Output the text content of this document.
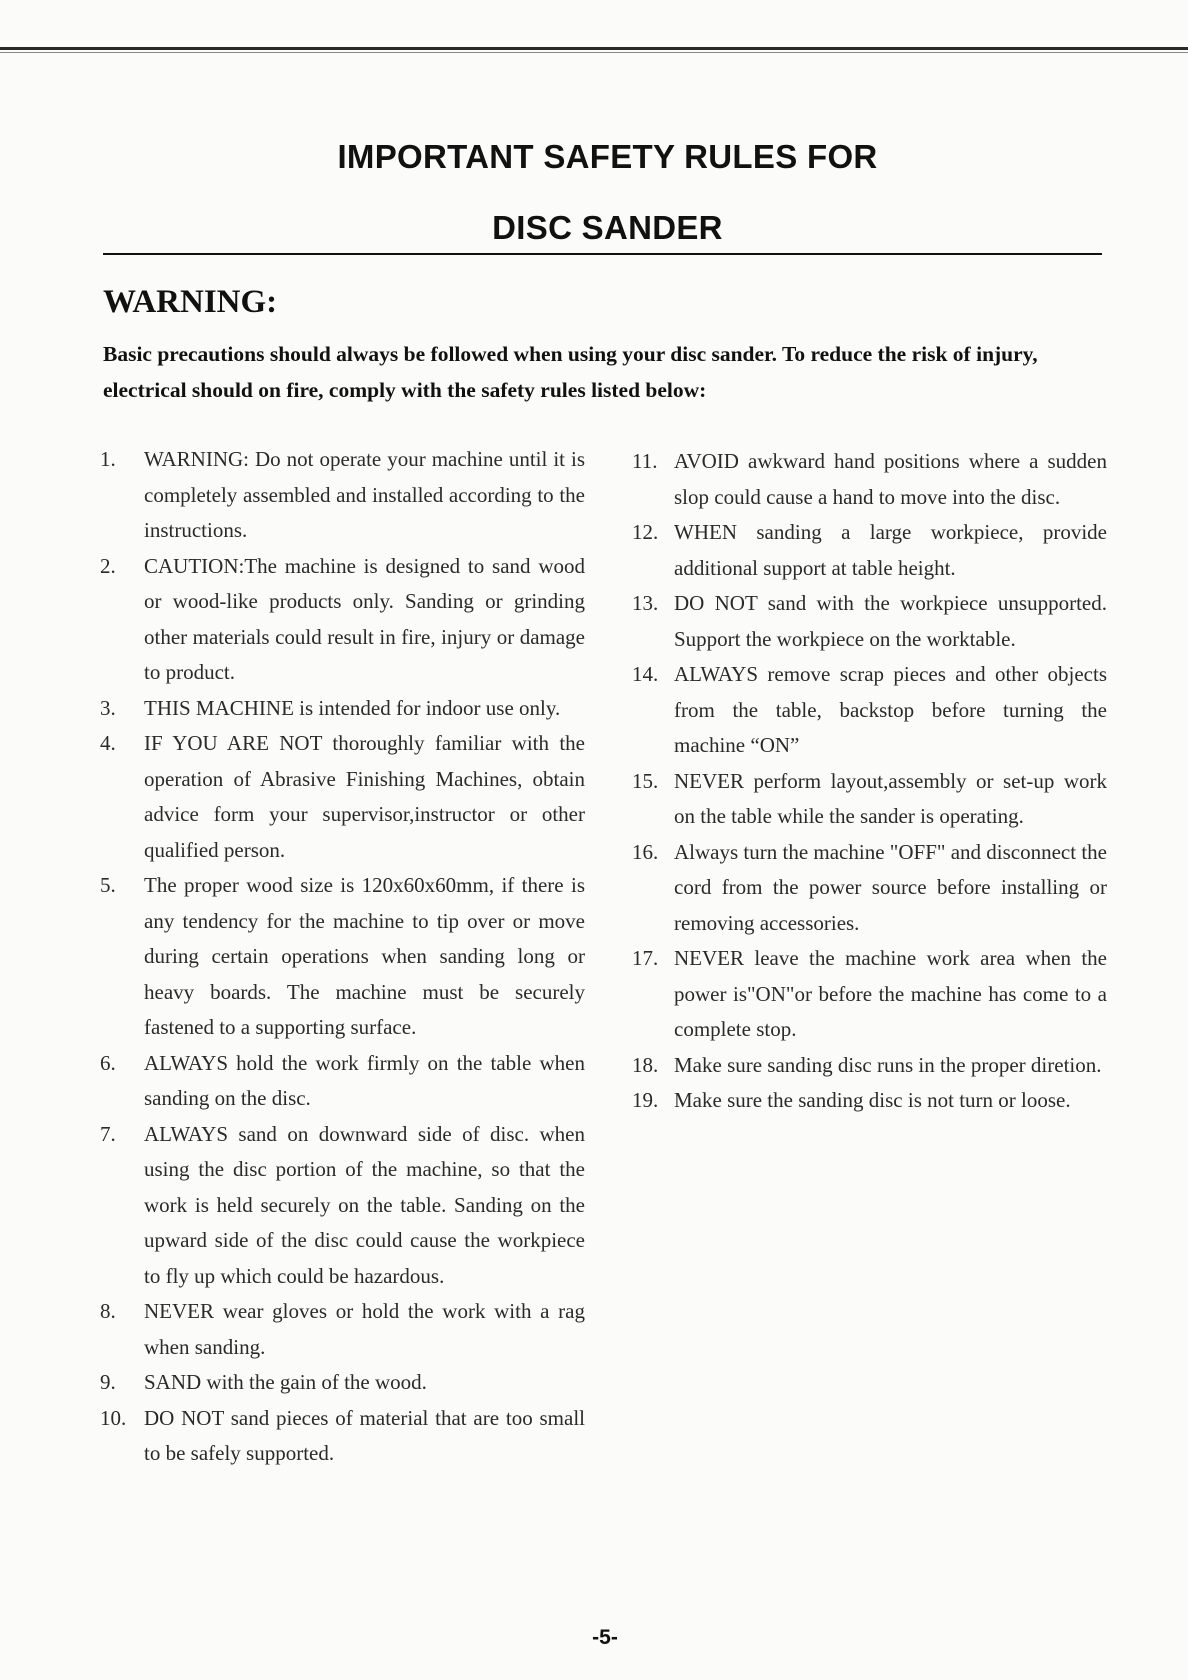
IMPORTANT SAFETY RULES FOR
DISC SANDER
WARNING:
Basic precautions should always be followed when using your disc sander. To reduce the risk of injury, electrical should on fire, comply with the safety rules listed below:
1.	WARNING: Do not operate your machine until it is completely assembled and installed according to the instructions.
2.	CAUTION:The machine is designed to sand wood or wood-like products only. Sanding or grinding other materials could result in fire, injury or damage to product.
3.	THIS MACHINE is intended for indoor use only.
4.	IF YOU ARE NOT thoroughly familiar with the operation of Abrasive Finishing Machines, obtain advice form your supervisor,instructor or other qualified person.
5.	The proper wood size is 120x60x60mm, if there is any tendency for the machine to tip over or move during certain operations when sanding long or heavy boards. The machine must be securely fastened to a supporting surface.
6.	ALWAYS hold the work firmly on the table when sanding on the disc.
7.	ALWAYS sand on downward side of disc. when using the disc portion of the machine, so that the work is held securely on the table. Sanding on the upward side of the disc could cause the workpiece to fly up which could be hazardous.
8.	NEVER wear gloves or hold the work with a rag when sanding.
9.	SAND with the gain of the wood.
10. DO NOT sand pieces of material that are too small to be safely supported.
11. AVOID awkward hand positions where a sudden slop could cause a hand to move into the disc.
12. WHEN sanding a large workpiece, provide additional support at table height.
13. DO NOT sand with the workpiece unsupported. Support the workpiece on the worktable.
14. ALWAYS remove scrap pieces and other objects from the table, backstop before turning the machine “ON”
15. NEVER perform layout,assembly or set-up work on the table while the sander is operating.
16. Always turn the machine "OFF" and disconnect the cord from the power source before installing or removing accessories.
17. NEVER leave the machine work area when the power is"ON"or before the machine has come to a complete stop.
18. Make sure sanding disc runs in the proper diretion.
19. Make sure the sanding disc is not turn or loose.
-5-
